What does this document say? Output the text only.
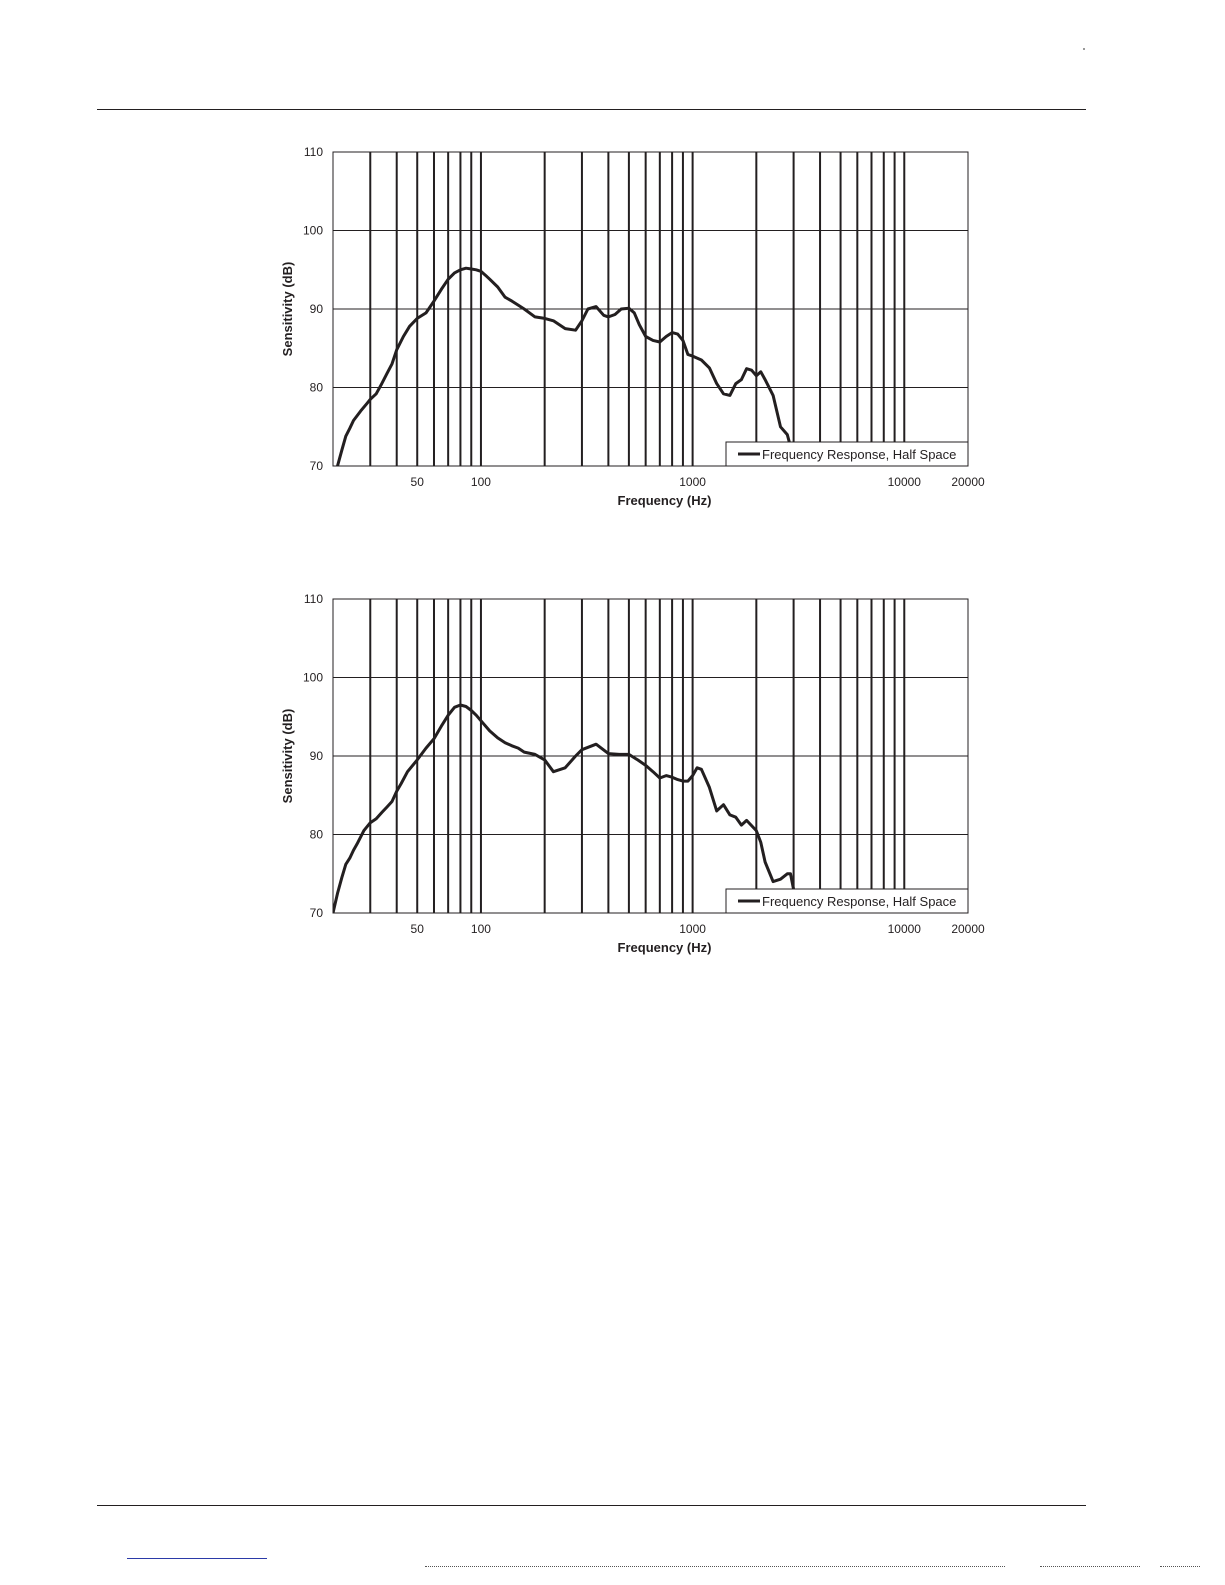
110
100
90
80
70
50	100	1000	10000	20000
Frequency (Hz)
Sensitivity (dB)
Frequency Response, Half Space
110
100
90
80
70
50	100	1000	10000	20000
Frequency (Hz)
Sensitivity (dB)
Frequency Response, Half Space
